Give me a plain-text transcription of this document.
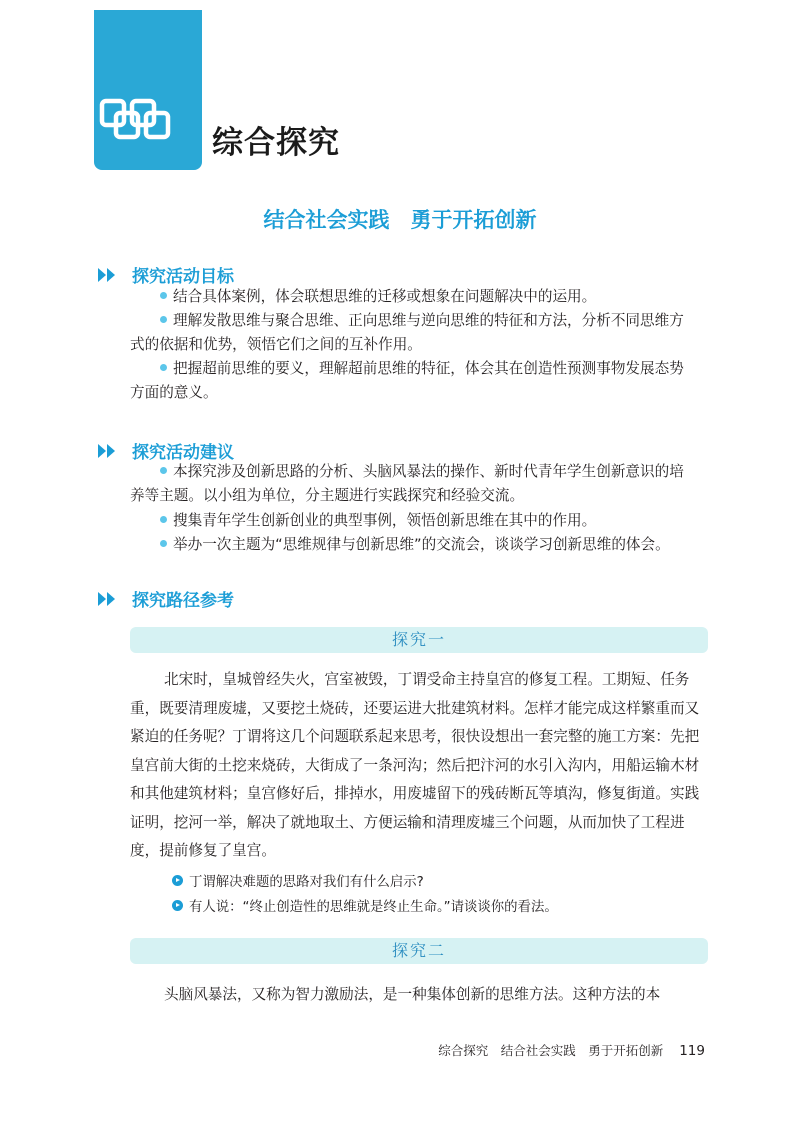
综合探究
结合社会实践　勇于开拓创新
探究活动目标

结合具体案例，体会联想思维的迁移或想象在问题解决中的运用。

理解发散思维与聚合思维、正向思维与逆向思维的特征和方法，分析不同思维方式的依据和优势，领悟它们之间的互补作用。

把握超前思维的要义，理解超前思维的特征，体会其在创造性预测事物发展态势方面的意义。

探究活动建议

本探究涉及创新思路的分析、头脑风暴法的操作、新时代青年学生创新意识的培养等主题。以小组为单位，分主题进行实践探究和经验交流。

搜集青年学生创新创业的典型事例，领悟创新思维在其中的作用。

举办一次主题为“思维规律与创新思维”的交流会，谈谈学习创新思维的体会。

探究路径参考
探究一

北宋时，皇城曾经失火，宫室被毁，丁谓受命主持皇宫的修复工程。工期短、任务重，既要清理废墟，又要挖土烧砖，还要运进大批建筑材料。怎样才能完成这样繁重而又紧迫的任务呢？丁谓将这几个问题联系起来思考，很快设想出一套完整的施工方案：先把皇宫前大街的土挖来烧砖，大街成了一条河沟；然后把汴河的水引入沟内，用船运输木材和其他建筑材料；皇宫修好后，排掉水，用废墟留下的残砖断瓦等填沟，修复街道。实践证明，挖河一举，解决了就地取土、方便运输和清理废墟三个问题，从而加快了工程进度，提前修复了皇宫。

丁谓解决难题的思路对我们有什么启示?
有人说：“终止创造性的思维就是终止生命。”请谈谈你的看法。
探究二

头脑风暴法，又称为智力激励法，是一种集体创新的思维方法。这种方法的本

综合探究　结合社会实践　勇于开拓创新 119
